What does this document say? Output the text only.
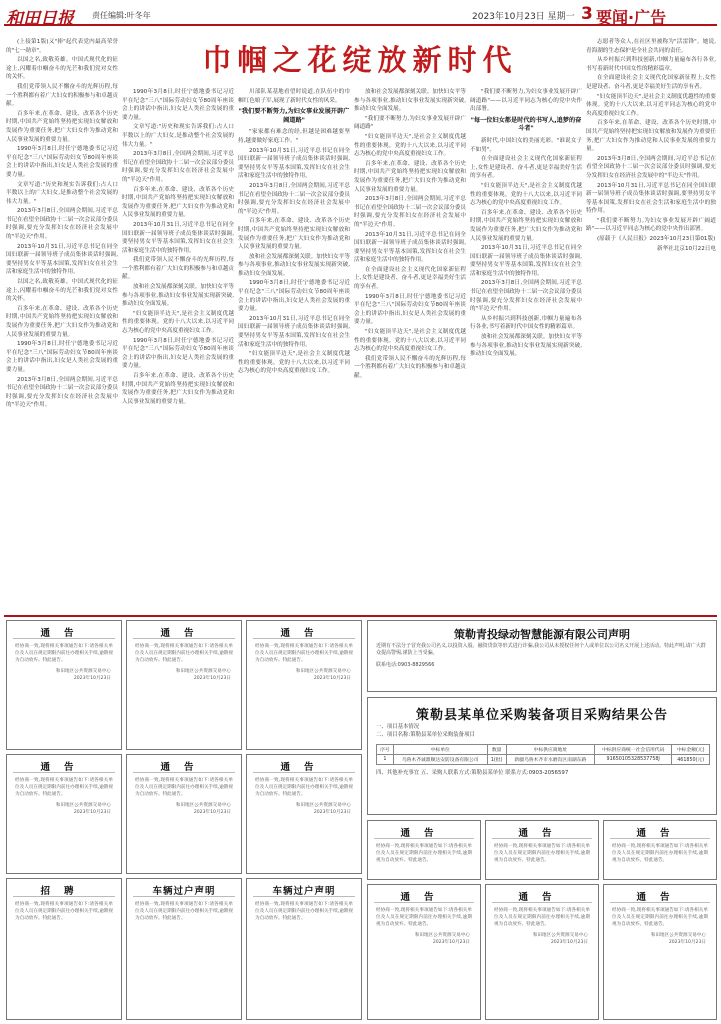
和田日报 责任编辑:叶冬年	2023年10月23日 星期一 3 要闻·广告
巾帼之花绽放新时代

(上接第1版)又"捧"起代表党内最高荣誉的"七一勋章"。

以国之名,致敬英雄。中国式现代化的征途上,闪耀着巾帼奋斗的光芒和我们党对女性的关怀。

我们党带领人民不懈奋斗的光辉历程,每一个胜利都有着广大妇女的积极参与和卓越贡献。

百多年来,在革命、建设、改革各个历史时期,中国共产党始终坚持把实现妇女解放和发展作为重要任务,把广大妇女作为推动党和人民事业发展的重要力量。

1990年3月8日,时任宁德地委书记习近平在纪念"三八"国际劳动妇女节80周年座谈会上的讲话中指出,妇女是人类社会发展的重要力量。

文章写道:"历史和现实告诉我们:占人口半数以上的广大妇女,是推动整个社会发展的伟大力量。"

2013年3月8日,全国两会期间,习近平总书记在看望全国政协十二届一次会议部分委员时强调,要充分发挥妇女在经济社会发展中的"半边天"作用。

2013年10月31日,习近平总书记在同全国妇联新一届领导班子成员集体谈话时强调,要坚持男女平等基本国策,发挥妇女在社会生活和家庭生活中的独特作用。

以国之名,致敬英雄。中国式现代化的征途上,闪耀着巾帼奋斗的光芒和我们党对女性的关怀。

百多年来,在革命、建设、改革各个历史时期,中国共产党始终坚持把实现妇女解放和发展作为重要任务,把广大妇女作为推动党和人民事业发展的重要力量。

1990年3月8日,时任宁德地委书记习近平在纪念"三八"国际劳动妇女节80周年座谈会上的讲话中指出,妇女是人类社会发展的重要力量。

2013年3月8日,全国两会期间,习近平总书记在看望全国政协十二届一次会议部分委员时强调,要充分发挥妇女在经济社会发展中的"半边天"作用。

1990年3月8日,时任宁德地委书记习近平在纪念"三八"国际劳动妇女节80周年座谈会上的讲话中指出,妇女是人类社会发展的重要力量。

文章写道:"历史和现实告诉我们:占人口半数以上的广大妇女,是推动整个社会发展的伟大力量。"

2013年3月8日,全国两会期间,习近平总书记在看望全国政协十二届一次会议部分委员时强调,要充分发挥妇女在经济社会发展中的"半边天"作用。

百多年来,在革命、建设、改革各个历史时期,中国共产党始终坚持把实现妇女解放和发展作为重要任务,把广大妇女作为推动党和人民事业发展的重要力量。

2013年10月31日,习近平总书记在同全国妇联新一届领导班子成员集体谈话时强调,要坚持男女平等基本国策,发挥妇女在社会生活和家庭生活中的独特作用。

我们党带领人民不懈奋斗的光辉历程,每一个胜利都有着广大妇女的积极参与和卓越贡献。

放和社会发展都深刻关联。加快妇女平等参与各项事业,推动妇女事业发展实现新突破,推动妇女全面发展。

"妇女能顶半边天",是社会主义制度优越性的重要体现。党的十八大以来,以习近平同志为核心的党中央高度重视妇女工作。

1990年3月8日,时任宁德地委书记习近平在纪念"三八"国际劳动妇女节80周年座谈会上的讲话中指出,妇女是人类社会发展的重要力量。

百多年来,在革命、建设、改革各个历史时期,中国共产党始终坚持把实现妇女解放和发展作为重要任务,把广大妇女作为推动党和人民事业发展的重要力量。

川部队某基地看望时说道,在队伍中的巾帼红色娘子军,展现了新时代女性的风采。

"我们要不断努力,为妇女事业发展开辟广阔道路"

"家家都有难念的经,但越是困难越要坚持,越要做好家庭工作。"

2013年10月31日,习近平总书记在同全国妇联新一届领导班子成员集体谈话时强调,要坚持男女平等基本国策,发挥妇女在社会生活和家庭生活中的独特作用。

2013年3月8日,全国两会期间,习近平总书记在看望全国政协十二届一次会议部分委员时强调,要充分发挥妇女在经济社会发展中的"半边天"作用。

百多年来,在革命、建设、改革各个历史时期,中国共产党始终坚持把实现妇女解放和发展作为重要任务,把广大妇女作为推动党和人民事业发展的重要力量。

放和社会发展都深刻关联。加快妇女平等参与各项事业,推动妇女事业发展实现新突破,推动妇女全面发展。

1990年3月8日,时任宁德地委书记习近平在纪念"三八"国际劳动妇女节80周年座谈会上的讲话中指出,妇女是人类社会发展的重要力量。

2013年10月31日,习近平总书记在同全国妇联新一届领导班子成员集体谈话时强调,要坚持男女平等基本国策,发挥妇女在社会生活和家庭生活中的独特作用。

"妇女能顶半边天",是社会主义制度优越性的重要体现。党的十八大以来,以习近平同志为核心的党中央高度重视妇女工作。

放和社会发展都深刻关联。加快妇女平等参与各项事业,推动妇女事业发展实现新突破,推动妇女全面发展。

"我们要不断努力,为妇女事业发展开辟广阔道路"

"妇女能顶半边天",是社会主义制度优越性的重要体现。党的十八大以来,以习近平同志为核心的党中央高度重视妇女工作。

百多年来,在革命、建设、改革各个历史时期,中国共产党始终坚持把实现妇女解放和发展作为重要任务,把广大妇女作为推动党和人民事业发展的重要力量。

2013年3月8日,全国两会期间,习近平总书记在看望全国政协十二届一次会议部分委员时强调,要充分发挥妇女在经济社会发展中的"半边天"作用。

2013年10月31日,习近平总书记在同全国妇联新一届领导班子成员集体谈话时强调,要坚持男女平等基本国策,发挥妇女在社会生活和家庭生活中的独特作用。

在全面建设社会主义现代化国家新征程上,女性是建设者、奋斗者,更是幸福美好生活的享有者。

1990年3月8日,时任宁德地委书记习近平在纪念"三八"国际劳动妇女节80周年座谈会上的讲话中指出,妇女是人类社会发展的重要力量。

"妇女能顶半边天",是社会主义制度优越性的重要体现。党的十八大以来,以习近平同志为核心的党中央高度重视妇女工作。

我们党带领人民不懈奋斗的光辉历程,每一个胜利都有着广大妇女的积极参与和卓越贡献。

"我们要不断努力,为妇女事业发展开辟广阔道路"——以习近平同志为核心的党中央作出部署。

"每一位妇女都是时代的书写人,追梦的奋斗者"

新时代,中国妇女的美丽光彩。"谁说女子不如男"。

在全面建设社会主义现代化国家新征程上,女性是建设者、奋斗者,更是幸福美好生活的享有者。

"妇女能顶半边天",是社会主义制度优越性的重要体现。党的十八大以来,以习近平同志为核心的党中央高度重视妇女工作。

百多年来,在革命、建设、改革各个历史时期,中国共产党始终坚持把实现妇女解放和发展作为重要任务,把广大妇女作为推动党和人民事业发展的重要力量。

2013年10月31日,习近平总书记在同全国妇联新一届领导班子成员集体谈话时强调,要坚持男女平等基本国策,发挥妇女在社会生活和家庭生活中的独特作用。

2013年3月8日,全国两会期间,习近平总书记在看望全国政协十二届一次会议部分委员时强调,要充分发挥妇女在经济社会发展中的"半边天"作用。

从乡村振兴到科技创新,巾帼力量遍布各行各业,书写着新时代中国女性的精彩篇章。

放和社会发展都深刻关联。加快妇女平等参与各项事业,推动妇女事业发展实现新突破,推动妇女全面发展。

志愿者等众人,在社区里被称为"活雷锋"。她说,青海湖的生态保护是全社会共同的责任。

从乡村振兴到科技创新,巾帼力量遍布各行各业,书写着新时代中国女性的精彩篇章。

在全面建设社会主义现代化国家新征程上,女性是建设者、奋斗者,更是幸福美好生活的享有者。

"妇女能顶半边天",是社会主义制度优越性的重要体现。党的十八大以来,以习近平同志为核心的党中央高度重视妇女工作。

百多年来,在革命、建设、改革各个历史时期,中国共产党始终坚持把实现妇女解放和发展作为重要任务,把广大妇女作为推动党和人民事业发展的重要力量。

2013年3月8日,全国两会期间,习近平总书记在看望全国政协十二届一次会议部分委员时强调,要充分发挥妇女在经济社会发展中的"半边天"作用。

2013年10月31日,习近平总书记在同全国妇联新一届领导班子成员集体谈话时强调,要坚持男女平等基本国策,发挥妇女在社会生活和家庭生活中的独特作用。

"我们要不断努力,为妇女事业发展开辟广阔道路"——以习近平同志为核心的党中央作出部署。

(原载于《人民日报》2023年10月23日第01版)

新华社北京10月22日电

通告
经协商一致,现将相关事项通告如下:请各相关单位及人员在规定期限内前往办理相关手续,逾期视为自动放弃。特此通告。
和田地区公共资源交易中心
2023年10月23日
通告
经协商一致,现将相关事项通告如下:请各相关单位及人员在规定期限内前往办理相关手续,逾期视为自动放弃。特此通告。
和田地区公共资源交易中心
2023年10月23日
通告
经协商一致,现将相关事项通告如下:请各相关单位及人员在规定期限内前往办理相关手续,逾期视为自动放弃。特此通告。
和田地区公共资源交易中心
2023年10月23日
通告
经协商一致,现将相关事项通告如下:请各相关单位及人员在规定期限内前往办理相关手续,逾期视为自动放弃。特此通告。
和田地区公共资源交易中心
2023年10月23日
通告
经协商一致,现将相关事项通告如下:请各相关单位及人员在规定期限内前往办理相关手续,逾期视为自动放弃。特此通告。
和田地区公共资源交易中心
2023年10月23日
通告
经协商一致,现将相关事项通告如下:请各相关单位及人员在规定期限内前往办理相关手续,逾期视为自动放弃。特此通告。
和田地区公共资源交易中心
2023年10月23日
招聘
经协商一致,现将相关事项通告如下:请各相关单位及人员在规定期限内前往办理相关手续,逾期视为自动放弃。特此通告。
车辆过户声明
经协商一致,现将相关事项通告如下:请各相关单位及人员在规定期限内前往办理相关手续,逾期视为自动放弃。特此通告。
车辆过户声明
经协商一致,现将相关事项通告如下:请各相关单位及人员在规定期限内前往办理相关手续,逾期视为自动放弃。特此通告。
策勒青投绿动智慧能源有限公司声明
近期有不法分子冒充我公司名义,以投资入股、融资贷款等形式进行诈骗,我公司从未授权任何个人或单位以公司名义开展上述活动。特此声明,请广大群众提高警惕,谨防上当受骗。
联系电话:0903-8829566
策勒县某单位采购装备项目采购结果公告
一、项目基本情况
二、项目名称:策勒县某单位采购装备项目
序号	中标单位	数量	中标供应商地址	中标供应商统一社会信用代码	中标金额(元)
1	乌鲁木齐诚鼎顺达安防设备有限公司	1(批)	新疆乌鲁木齐市水磨沟区南湖东路	91650105328537758J	461850(元)
四、其他补充事宜 五、采购人联系方式:策勒县某单位 联系方式:0903-2056597
通告
经协商一致,现将相关事项通告如下:请各相关单位及人员在规定期限内前往办理相关手续,逾期视为自动放弃。特此通告。
通告
经协商一致,现将相关事项通告如下:请各相关单位及人员在规定期限内前往办理相关手续,逾期视为自动放弃。特此通告。
通告
经协商一致,现将相关事项通告如下:请各相关单位及人员在规定期限内前往办理相关手续,逾期视为自动放弃。特此通告。
通告
经协商一致,现将相关事项通告如下:请各相关单位及人员在规定期限内前往办理相关手续,逾期视为自动放弃。特此通告。
和田地区公共资源交易中心
2023年10月23日
通告
经协商一致,现将相关事项通告如下:请各相关单位及人员在规定期限内前往办理相关手续,逾期视为自动放弃。特此通告。
和田地区公共资源交易中心
2023年10月23日
通告
经协商一致,现将相关事项通告如下:请各相关单位及人员在规定期限内前往办理相关手续,逾期视为自动放弃。特此通告。
和田地区公共资源交易中心
2023年10月23日
